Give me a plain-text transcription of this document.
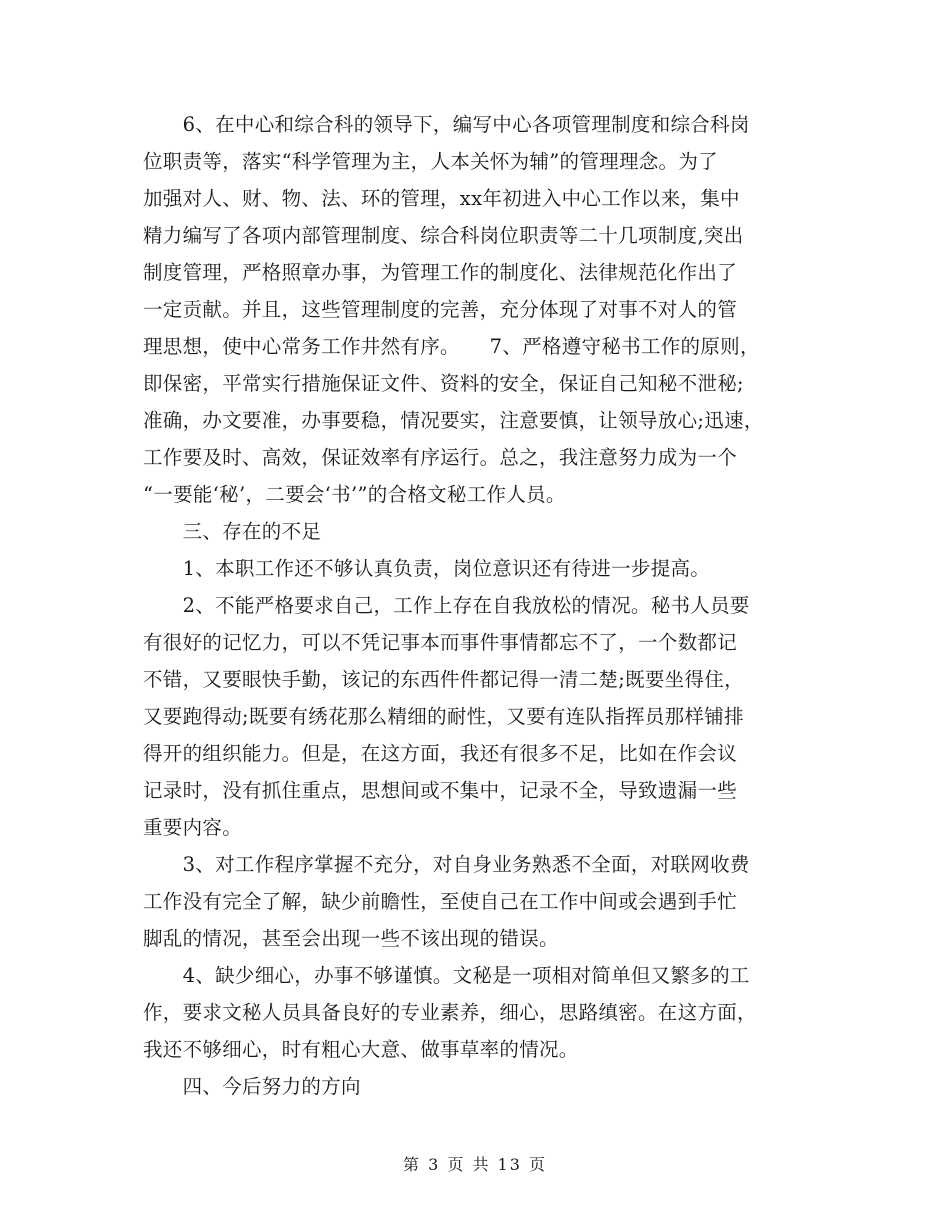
　　6、在中心和综合科的领导下，编写中心各项管理制度和综合科岗
位职责等，落实“科学管理为主，人本关怀为辅”的管理理念。为了
加强对人、财、物、法、环的管理，xx年初进入中心工作以来，集中
精力编写了各项内部管理制度、综合科岗位职责等二十几项制度,突出
制度管理，严格照章办事，为管理工作的制度化、法律规范化作出了
一定贡献。并且，这些管理制度的完善，充分体现了对事不对人的管
理思想，使中心常务工作井然有序。　　7、严格遵守秘书工作的原则，
即保密，平常实行措施保证文件、资料的安全，保证自己知秘不泄秘;
准确，办文要准，办事要稳，情况要实，注意要慎，让领导放心;迅速，
工作要及时、高效，保证效率有序运行。总之，我注意努力成为一个
“一要能‘秘’，二要会‘书’”的合格文秘工作人员。
　　三、存在的不足
　　1、本职工作还不够认真负责，岗位意识还有待进一步提高。
　　2、不能严格要求自己，工作上存在自我放松的情况。秘书人员要
有很好的记忆力，可以不凭记事本而事件事情都忘不了，一个数都记
不错，又要眼快手勤，该记的东西件件都记得一清二楚;既要坐得住，
又要跑得动;既要有绣花那么精细的耐性，又要有连队指挥员那样铺排
得开的组织能力。但是，在这方面，我还有很多不足，比如在作会议
记录时，没有抓住重点，思想间或不集中，记录不全，导致遗漏一些
重要内容。
　　3、对工作程序掌握不充分，对自身业务熟悉不全面，对联网收费
工作没有完全了解，缺少前瞻性，至使自己在工作中间或会遇到手忙
脚乱的情况，甚至会出现一些不该出现的错误。
　　4、缺少细心，办事不够谨慎。文秘是一项相对简单但又繁多的工
作，要求文秘人员具备良好的专业素养，细心，思路缜密。在这方面，
我还不够细心，时有粗心大意、做事草率的情况。
　　四、今后努力的方向
第 3 页 共 13 页
